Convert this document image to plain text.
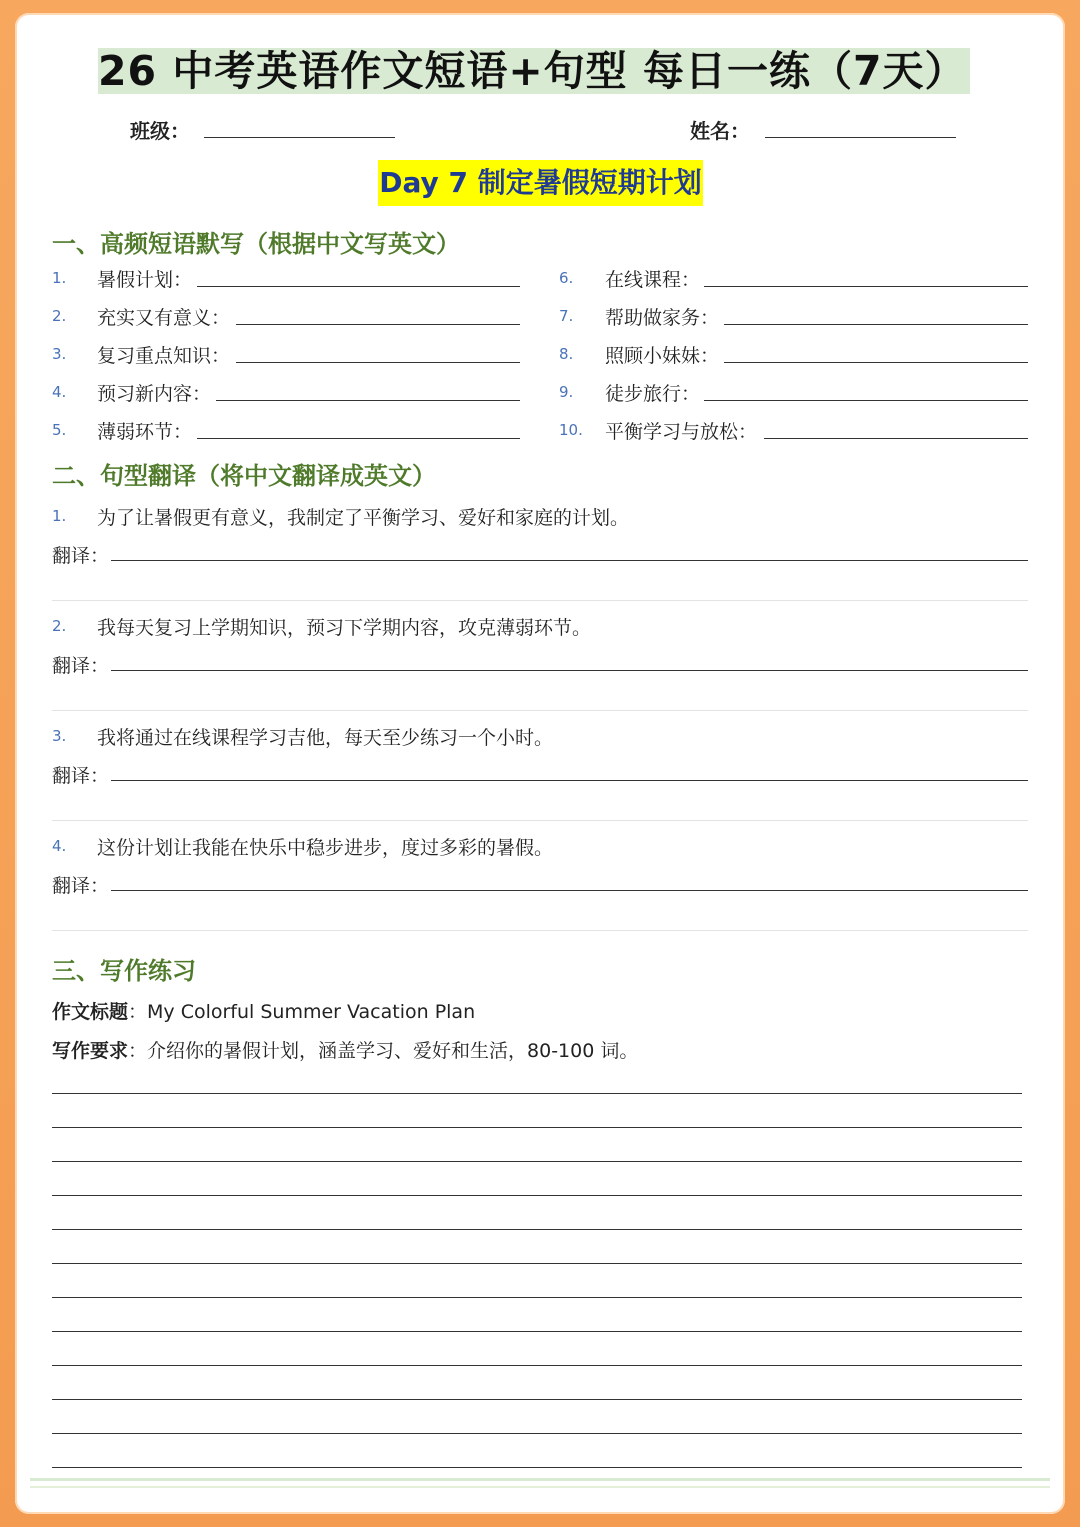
26 中考英语作文短语+句型 每日一练（7天）
班级：	姓名：
Day 7 制定暑假短期计划
一、高频短语默写（根据中文写英文）
1. 暑假计划：
2. 充实又有意义：
3. 复习重点知识：
4. 预习新内容：
5. 薄弱环节：
6. 在线课程：
7. 帮助做家务：
8. 照顾小妹妹：
9. 徒步旅行：
10. 平衡学习与放松：
二、句型翻译（将中文翻译成英文）
1. 为了让暑假更有意义，我制定了平衡学习、爱好和家庭的计划。
翻译：
2. 我每天复习上学期知识，预习下学期内容，攻克薄弱环节。
翻译：
3. 我将通过在线课程学习吉他，每天至少练习一个小时。
翻译：
4. 这份计划让我能在快乐中稳步进步，度过多彩的暑假。
翻译：
三、写作练习
作文标题：My Colorful Summer Vacation Plan
写作要求：介绍你的暑假计划，涵盖学习、爱好和生活，80-100 词。
